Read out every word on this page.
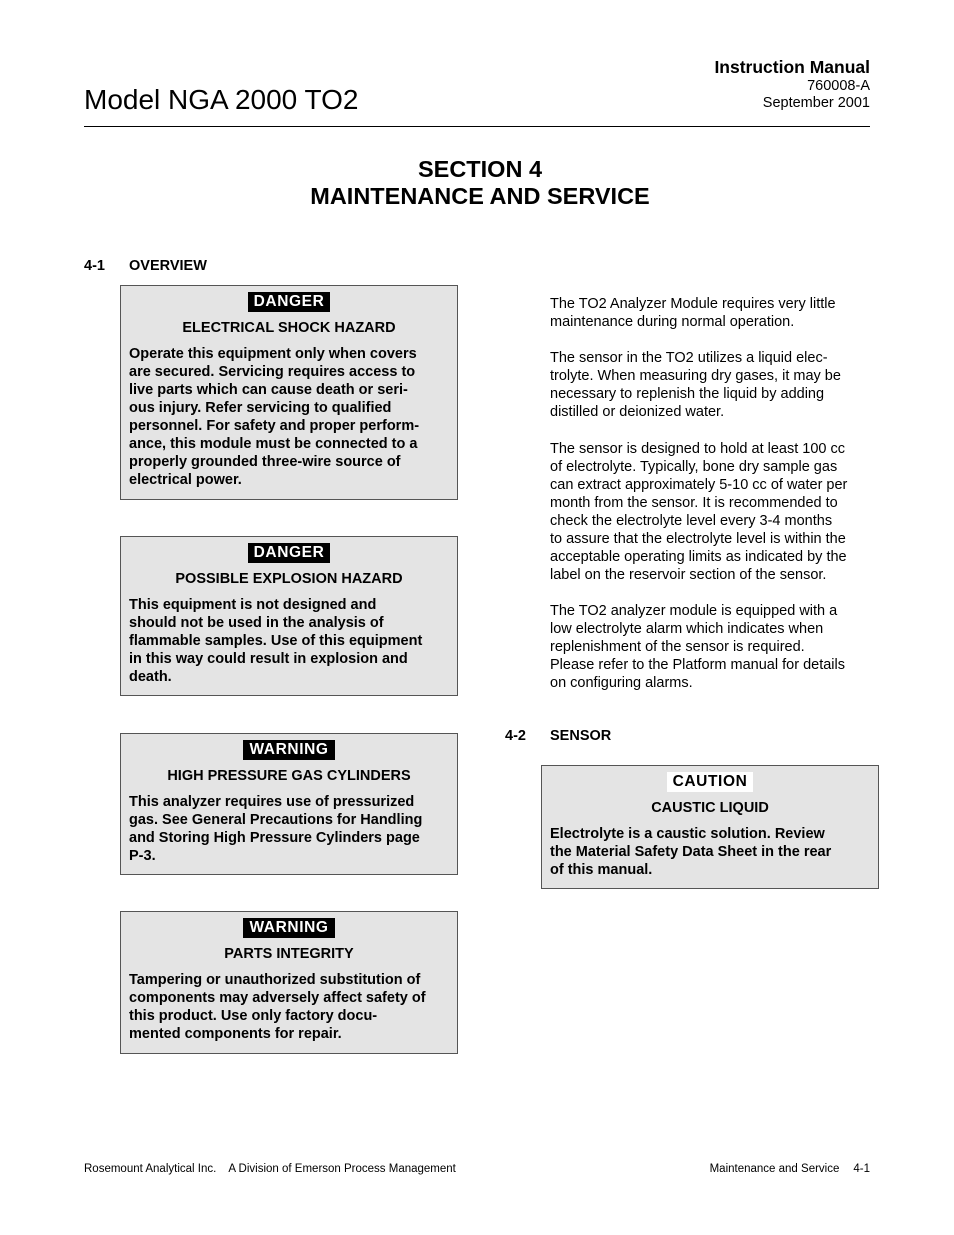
Model NGA 2000 TO2
Instruction Manual
760008-A
September 2001
SECTION 4
MAINTENANCE AND SERVICE
4-1 OVERVIEW
DANGER
ELECTRICAL SHOCK HAZARD
Operate this equipment only when covers
are secured. Servicing requires access to
live parts which can cause death or seri-
ous injury. Refer servicing to qualified
personnel. For safety and proper perform-
ance, this module must be connected to a
properly grounded three-wire source of
electrical power.
DANGER
POSSIBLE EXPLOSION HAZARD
This equipment is not designed and
should not be used in the analysis of
flammable samples. Use of this equipment
in this way could result in explosion and
death.
WARNING
HIGH PRESSURE GAS CYLINDERS
This analyzer requires use of pressurized
gas. See General Precautions for Handling
and Storing High Pressure Cylinders page
P-3.
WARNING
PARTS INTEGRITY
Tampering or unauthorized substitution of
components may adversely affect safety of
this product. Use only factory docu-
mented components for repair.
The TO2 Analyzer Module requires very little
maintenance during normal operation.
The sensor in the TO2 utilizes a liquid elec-
trolyte. When measuring dry gases, it may be
necessary to replenish the liquid by adding
distilled or deionized water.
The sensor is designed to hold at least 100 cc
of electrolyte. Typically, bone dry sample gas
can extract approximately 5-10 cc of water per
month from the sensor. It is recommended to
check the electrolyte level every 3-4 months
to assure that the electrolyte level is within the
acceptable operating limits as indicated by the
label on the reservoir section of the sensor.
The TO2 analyzer module is equipped with a
low electrolyte alarm which indicates when
replenishment of the sensor is required.
Please refer to the Platform manual for details
on configuring alarms.
4-2 SENSOR
CAUTION
CAUSTIC LIQUID
Electrolyte is a caustic solution. Review
the Material Safety Data Sheet in the rear
of this manual.
Rosemount Analytical Inc. A Division of Emerson Process Management	Maintenance and Service 4-1
